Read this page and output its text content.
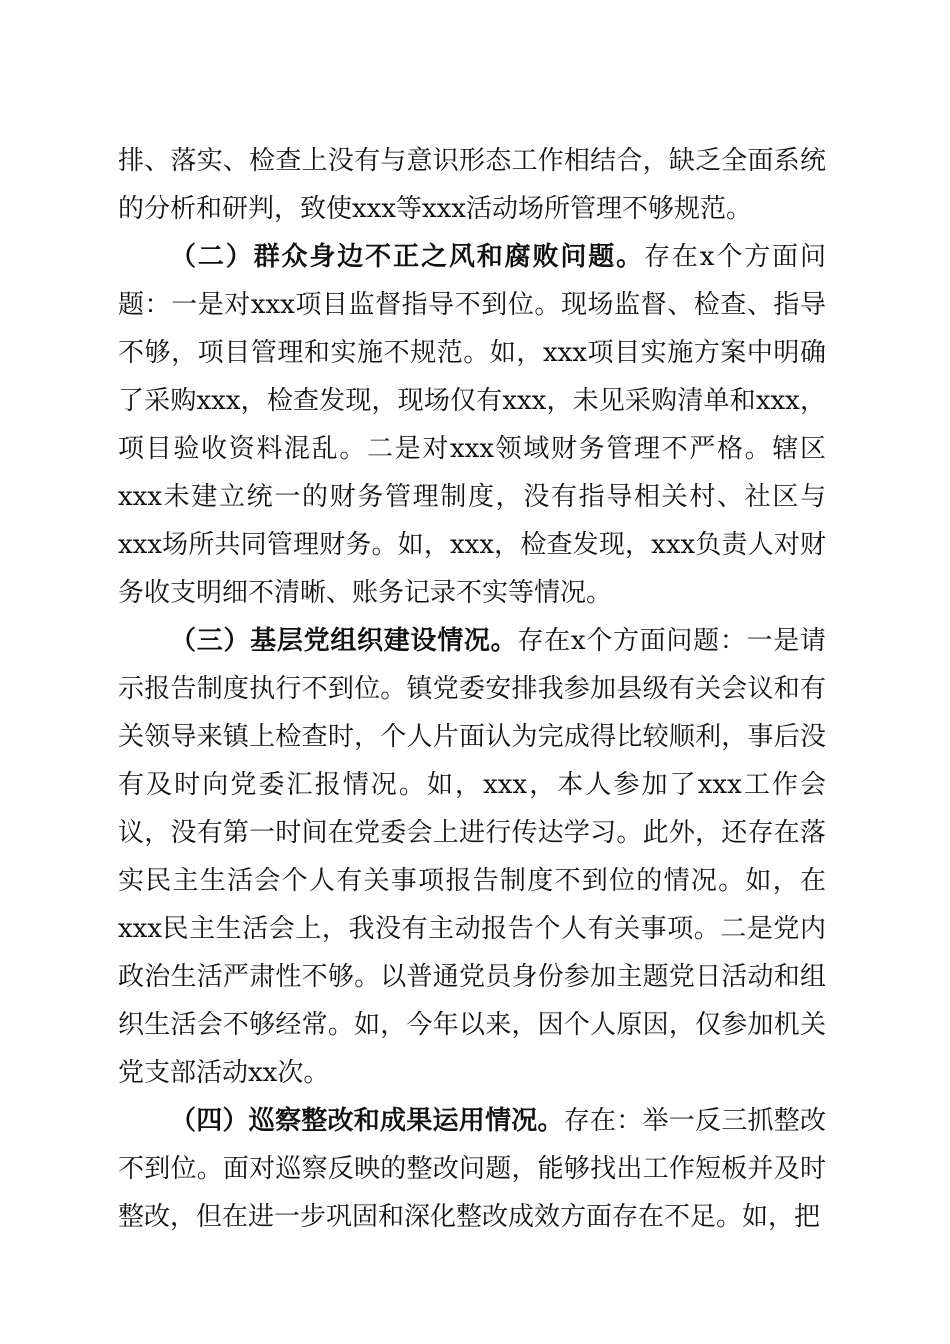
排、落实、检查上没有与意识形态工作相结合，缺乏全面系统的分析和研判，致使xxx等xxx活动场所管理不够规范。

（二）群众身边不正之风和腐败问题。存在x个方面问题：一是对xxx项目监督指导不到位。现场监督、检查、指导不够，项目管理和实施不规范。如，xxx项目实施方案中明确了采购xxx，检查发现，现场仅有xxx，未见采购清单和xxx，项目验收资料混乱。二是对xxx领域财务管理不严格。辖区xxx未建立统一的财务管理制度，没有指导相关村、社区与xxx场所共同管理财务。如，xxx，检查发现，xxx负责人对财务收支明细不清晰、账务记录不实等情况。

（三）基层党组织建设情况。存在x个方面问题：一是请示报告制度执行不到位。镇党委安排我参加县级有关会议和有关领导来镇上检查时，个人片面认为完成得比较顺利，事后没有及时向党委汇报情况。如，xxx，本人参加了xxx工作会议，没有第一时间在党委会上进行传达学习。此外，还存在落实民主生活会个人有关事项报告制度不到位的情况。如，在xxx民主生活会上，我没有主动报告个人有关事项。二是党内政治生活严肃性不够。以普通党员身份参加主题党日活动和组织生活会不够经常。如，今年以来，因个人原因，仅参加机关党支部活动xx次。

（四）巡察整改和成果运用情况。存在：举一反三抓整改不到位。面对巡察反映的整改问题，能够找出工作短板并及时整改，但在进一步巩固和深化整改成效方面存在不足。如，把
